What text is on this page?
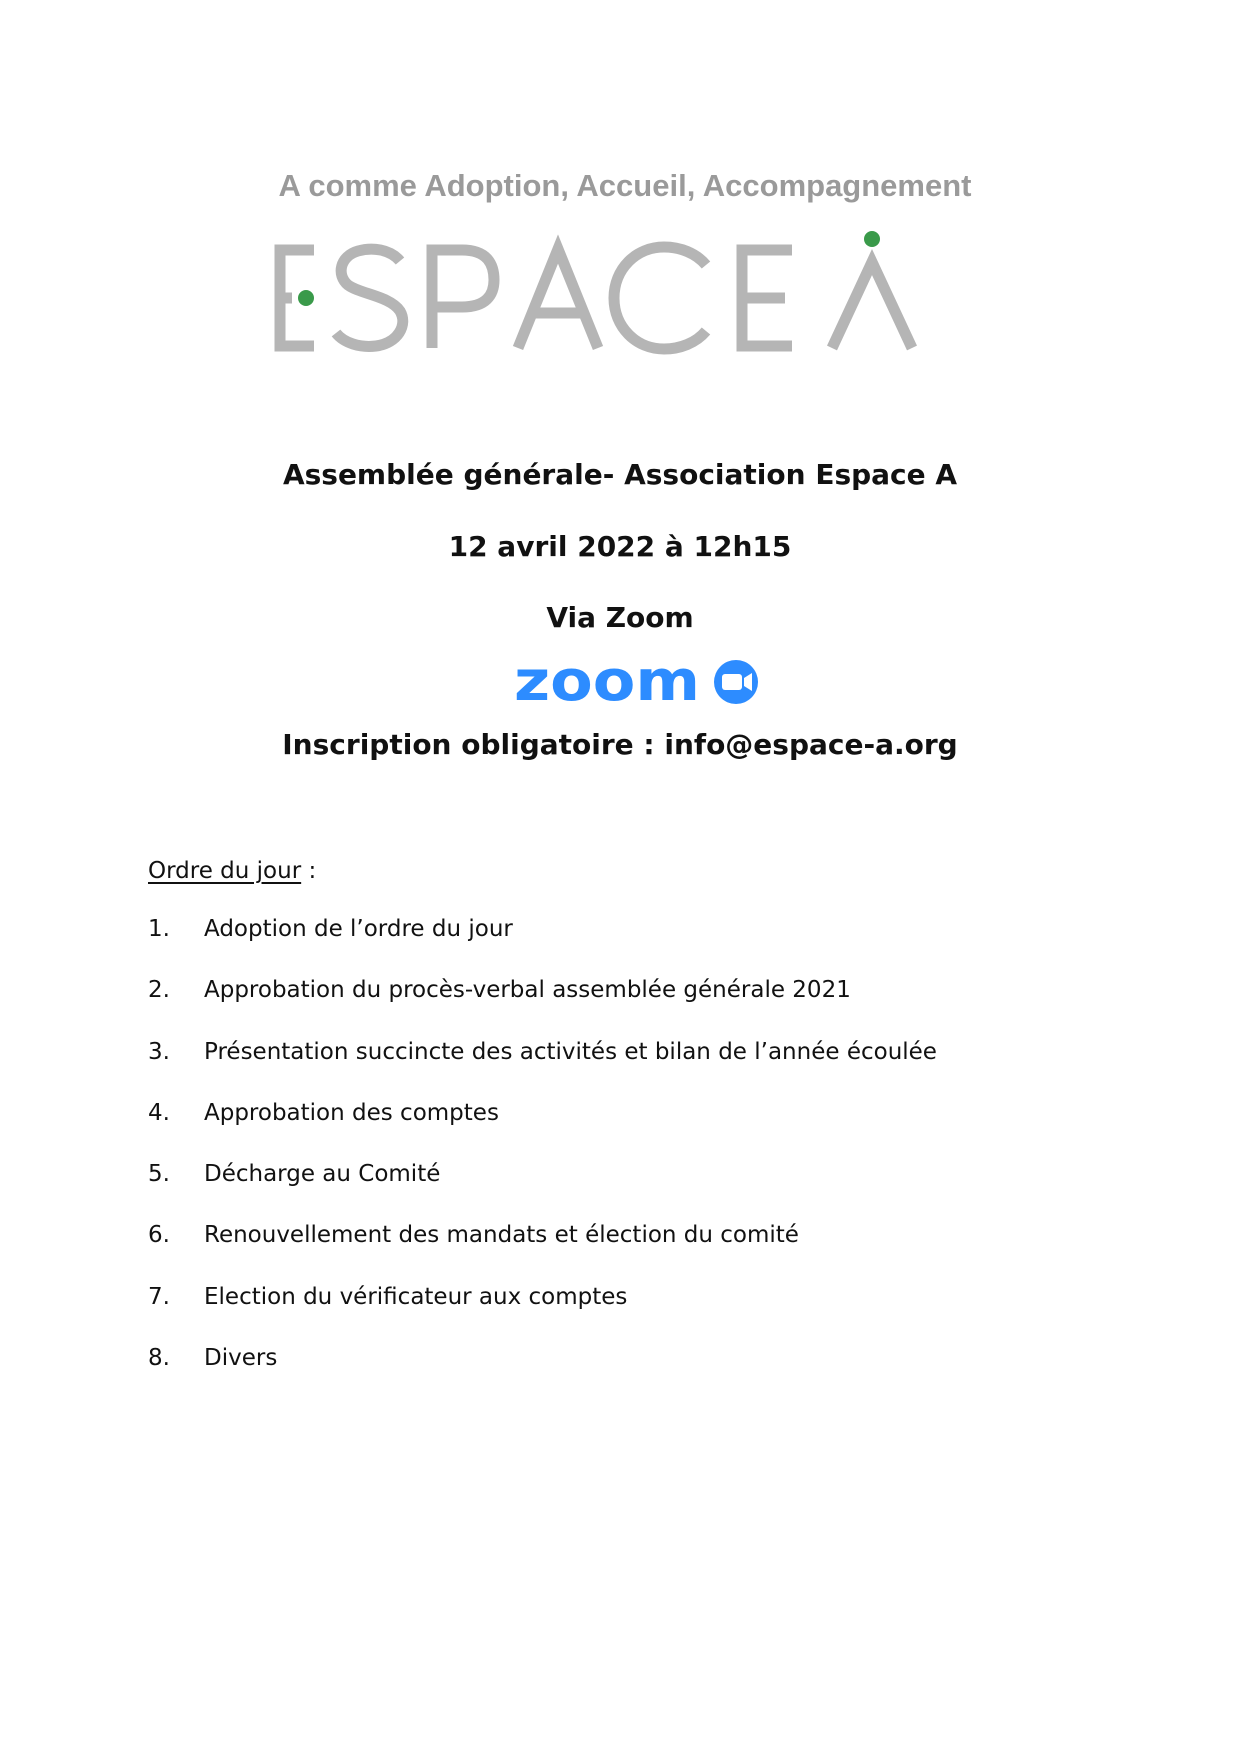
A comme Adoption, Accueil, Accompagnement
Assemblée générale- Association Espace A
12 avril 2022 à 12h15
Via Zoom
zoom
Inscription obligatoire : info@espace-a.org
Ordre du jour :
1.	Adoption de l’ordre du jour
2.	Approbation du procès-verbal assemblée générale 2021
3.	Présentation succincte des activités et bilan de l’année écoulée
4.	Approbation des comptes
5.	Décharge au Comité
6.	Renouvellement des mandats et élection du comité
7.	Election du vérificateur aux comptes
8.	Divers
